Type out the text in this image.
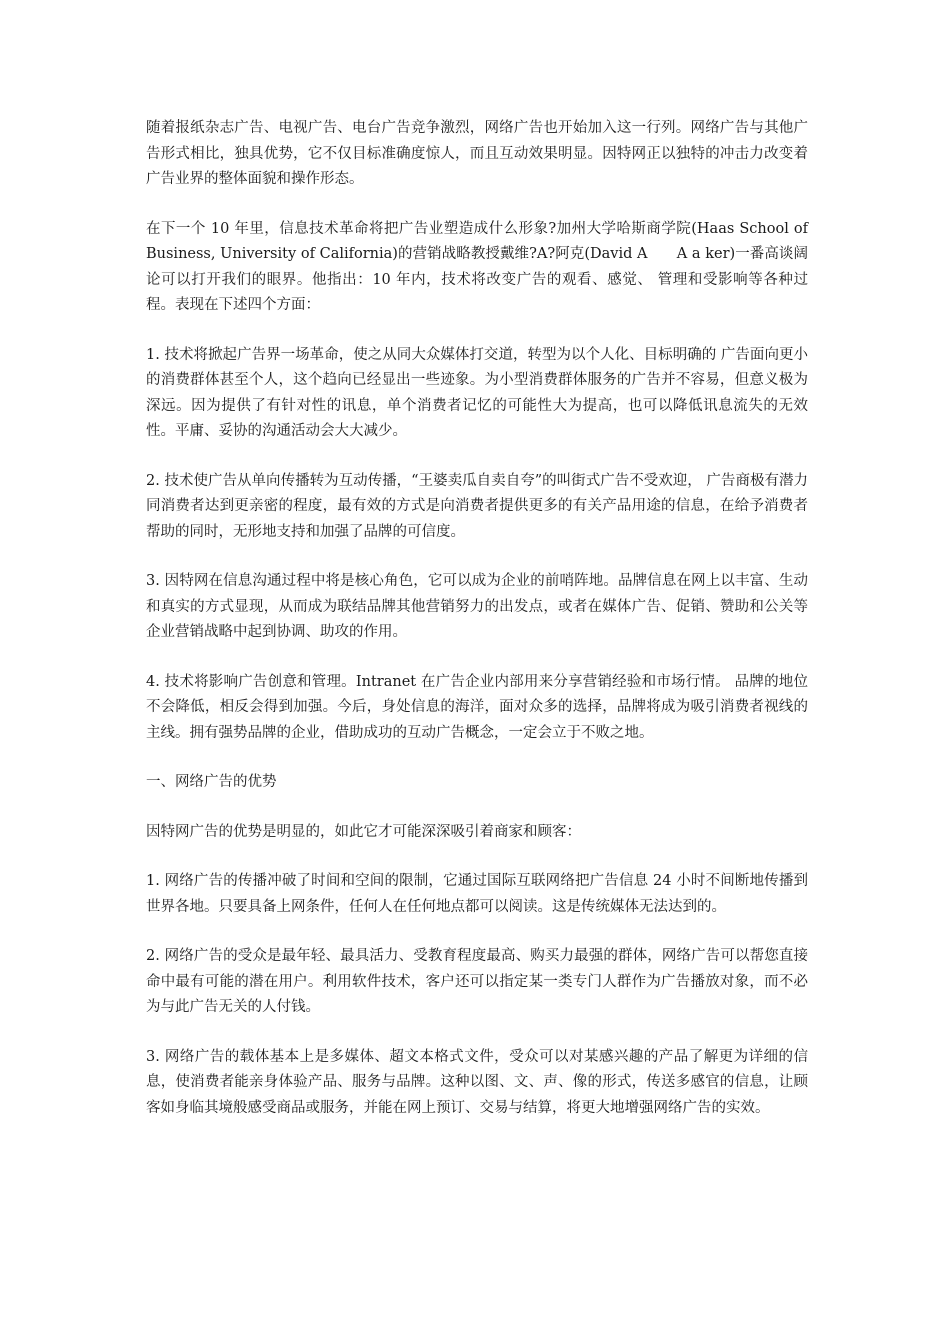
随着报纸杂志广告、电视广告、电台广告竞争激烈，网络广告也开始加入这一行列。网络广告与其他广告形式相比，独具优势，它不仅目标准确度惊人，而且互动效果明显。因特网正以独特的冲击力改变着广告业界的整体面貌和操作形态。

在下一个 10 年里，信息技术革命将把广告业塑造成什么形象?加州大学哈斯商学院(Haas School of Business, University of California)的营销战略教授戴维?A?阿克(David A　　A a ker)一番高谈阔论可以打开我们的眼界。他指出：10 年内，技术将改变广告的观看、感觉、 管理和受影响等各种过程。表现在下述四个方面：

1. 技术将掀起广告界一场革命，使之从同大众媒体打交道，转型为以个人化、目标明确的 广告面向更小的消费群体甚至个人，这个趋向已经显出一些迹象。为小型消费群体服务的广告并不容易，但意义极为深远。因为提供了有针对性的讯息，单个消费者记忆的可能性大为提高，也可以降低讯息流失的无效性。平庸、妥协的沟通活动会大大减少。

2. 技术使广告从单向传播转为互动传播，“王婆卖瓜自卖自夸”的叫街式广告不受欢迎， 广告商极有潜力同消费者达到更亲密的程度，最有效的方式是向消费者提供更多的有关产品用途的信息，在给予消费者帮助的同时，无形地支持和加强了品牌的可信度。

3. 因特网在信息沟通过程中将是核心角色，它可以成为企业的前哨阵地。品牌信息在网上以丰富、生动和真实的方式显现，从而成为联结品牌其他营销努力的出发点，或者在媒体广告、促销、赞助和公关等企业营销战略中起到协调、助攻的作用。

4. 技术将影响广告创意和管理。Intranet 在广告企业内部用来分享营销经验和市场行情。 品牌的地位不会降低，相反会得到加强。今后，身处信息的海洋，面对众多的选择，品牌将成为吸引消费者视线的主线。拥有强势品牌的企业，借助成功的互动广告概念，一定会立于不败之地。

一、网络广告的优势

因特网广告的优势是明显的，如此它才可能深深吸引着商家和顾客：

1. 网络广告的传播冲破了时间和空间的限制，它通过国际互联网络把广告信息 24 小时不间断地传播到世界各地。只要具备上网条件，任何人在任何地点都可以阅读。这是传统媒体无法达到的。

2. 网络广告的受众是最年轻、最具活力、受教育程度最高、购买力最强的群体，网络广告可以帮您直接命中最有可能的潜在用户。利用软件技术，客户还可以指定某一类专门人群作为广告播放对象，而不必为与此广告无关的人付钱。

3. 网络广告的载体基本上是多媒体、超文本格式文件，受众可以对某感兴趣的产品了解更为详细的信息，使消费者能亲身体验产品、服务与品牌。这种以图、文、声、像的形式，传送多感官的信息，让顾客如身临其境般感受商品或服务，并能在网上预订、交易与结算，将更大地增强网络广告的实效。
